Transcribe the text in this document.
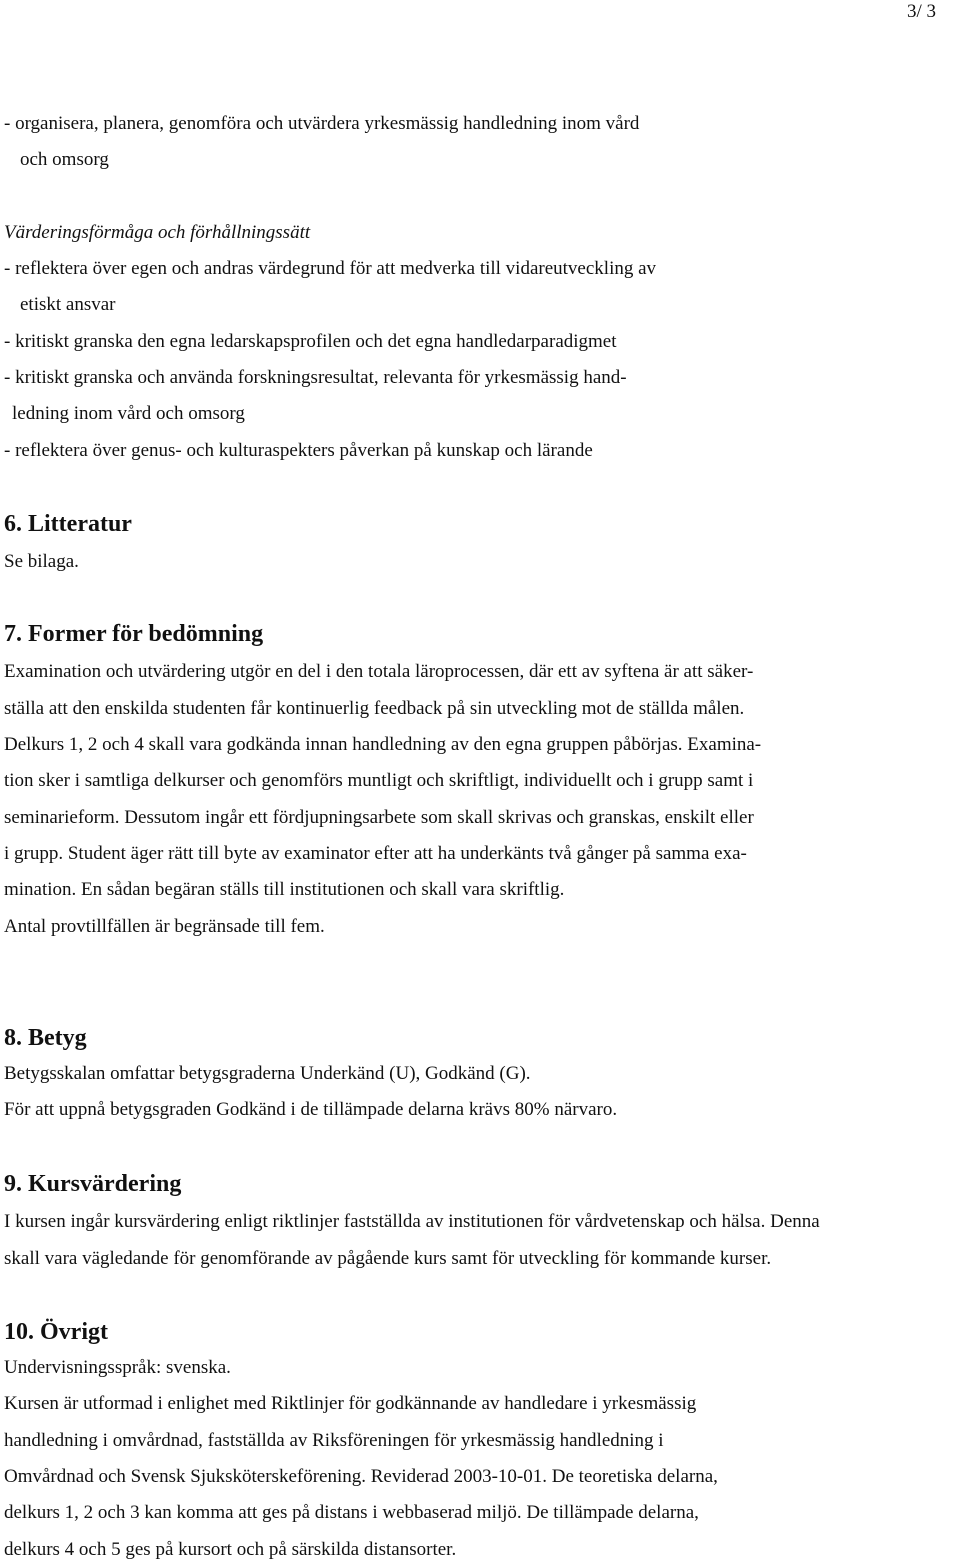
3/ 3
- organisera, planera, genomföra och utvärdera yrkesmässig handledning inom vård
och omsorg
Värderingsförmåga och förhållningssätt
- reflektera över egen och andras värdegrund för att medverka till vidareutveckling av
etiskt ansvar
- kritiskt granska den egna ledarskapsprofilen och det egna handledarparadigmet
- kritiskt granska och använda forskningsresultat, relevanta för yrkesmässig hand-
ledning inom vård och omsorg
- reflektera över genus- och kulturaspekters påverkan på kunskap och lärande
6. Litteratur
Se bilaga.
7. Former för bedömning
Examination och utvärdering utgör en del i den totala läroprocessen, där ett av syftena är att säker-
ställa att den enskilda studenten får kontinuerlig feedback på sin utveckling mot de ställda målen.
Delkurs 1, 2 och 4 skall vara godkända innan handledning av den egna gruppen påbörjas. Examina-
tion sker i samtliga delkurser och genomförs muntligt och skriftligt, individuellt och i grupp samt i
seminarieform. Dessutom ingår ett fördjupningsarbete som skall skrivas och granskas, enskilt eller
i grupp. Student äger rätt till byte av examinator efter att ha underkänts två gånger på samma exa-
mination. En sådan begäran ställs till institutionen och skall vara skriftlig.
Antal provtillfällen är begränsade till fem.
8. Betyg
Betygsskalan omfattar betygsgraderna Underkänd (U), Godkänd (G).
För att uppnå betygsgraden Godkänd i de tillämpade delarna krävs 80% närvaro.
9. Kursvärdering
I kursen ingår kursvärdering enligt riktlinjer fastställda av institutionen för vårdvetenskap och hälsa. Denna
skall vara vägledande för genomförande av pågående kurs samt för utveckling för kommande kurser.
10. Övrigt
Undervisningsspråk: svenska.
Kursen är utformad i enlighet med Riktlinjer för godkännande av handledare i yrkesmässig
handledning i omvårdnad, fastställda av Riksföreningen för yrkesmässig handledning i
Omvårdnad och Svensk Sjuksköterskeförening. Reviderad 2003-10-01. De teoretiska delarna,
delkurs 1, 2 och 3 kan komma att ges på distans i webbaserad miljö. De tillämpade delarna,
delkurs 4 och 5 ges på kursort och på särskilda distansorter.
